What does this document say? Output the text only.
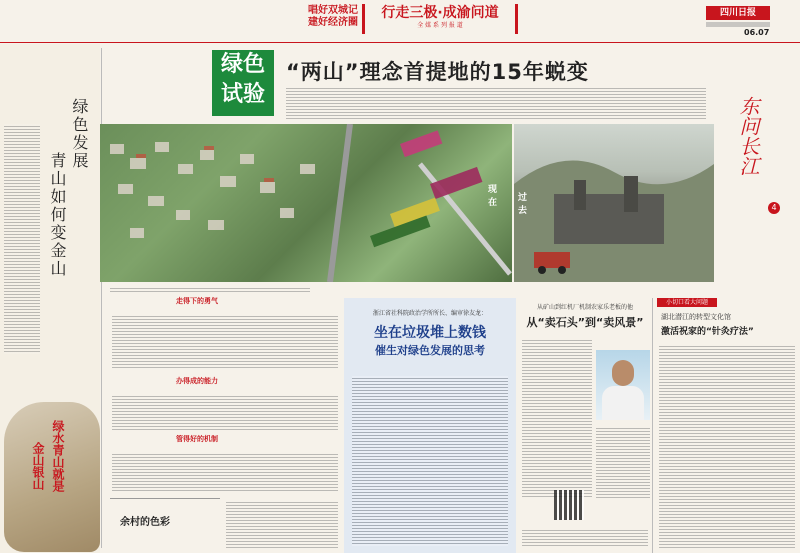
唱好双城记
建好经济圈
行走三极·成渝问道
全 媒 系 列 报 道
四川日报
06.07
绿色发展
青山如何变金山
绿水青山就是
金山银山
绿色
试验
“两山”理念首提地的15年蜕变
东问长江
4
现在	过去
走得下的勇气
办得成的能力
管得好的机制
余村的色彩
浙江省社科院政治学所所长、编审徐友龙：
坐在垃圾堆上数钱
催生对绿色发展的思考
从矿山到红机厂机制农家乐老板的他
从“卖石头”到“卖风景”
小切口看大问题
湖北潜江的转型文化馆
激活祝家的“针灸疗法”
